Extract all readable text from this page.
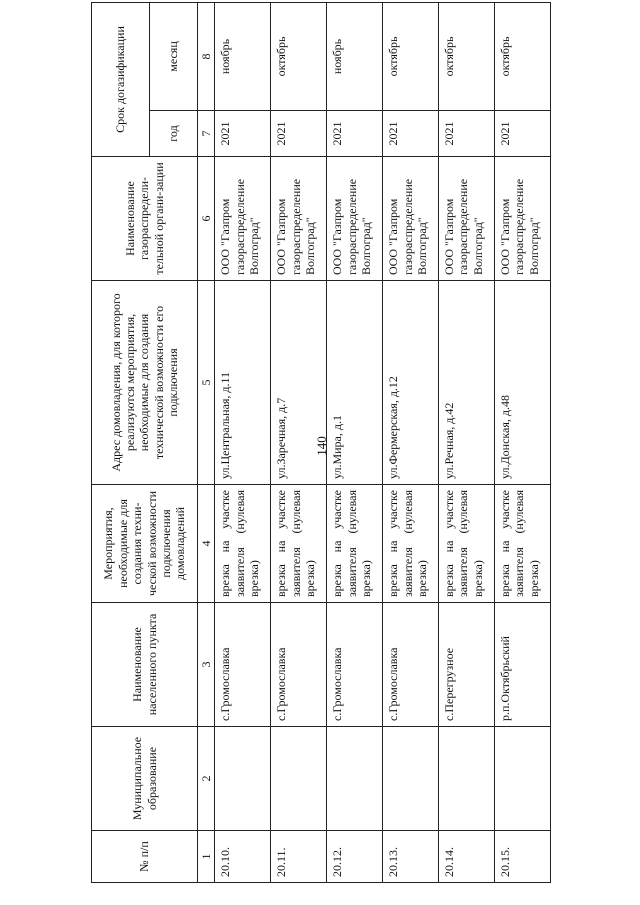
140
№ п/п	Муниципальное образование	Наименование населенного пункта	Мероприятия, необходимые для создания техни-ческой возможности подключения домовладений	Адрес домовладения, для которого реализуются мероприятия, необходимые для создания технической возможности его подключения	Наименование газораспредели-тельной органи-зации	Срок догазификации	
						год	месяц
1	2	3	4	5	6	7	8
20.10.		с.Громославка	врезка на участке заявителя (нулевая врезка)	ул.Центральная, д.11	ООО "Газпром газораспределение Волгоград"	2021	ноябрь
20.11.		с.Громославка	врезка на участке заявителя (нулевая врезка)	ул.Заречная, д.7	ООО "Газпром газораспределение Волгоград"	2021	октябрь
20.12.		с.Громославка	врезка на участке заявителя (нулевая врезка)	ул.Мира, д.1	ООО "Газпром газораспределение Волгоград"	2021	ноябрь
20.13.		с.Громославка	врезка на участке заявителя (нулевая врезка)	ул.Фермерская, д.12	ООО "Газпром газораспределение Волгоград"	2021	октябрь
20.14.		с.Перегрузное	врезка на участке заявителя (нулевая врезка)	ул.Речная, д.42	ООО "Газпром газораспределение Волгоград"	2021	октябрь
20.15.		р.п.Октябрьский	врезка на участке заявителя (нулевая врезка)	ул.Донская, д.48	ООО "Газпром газораспределение Волгоград"	2021	октябрь
